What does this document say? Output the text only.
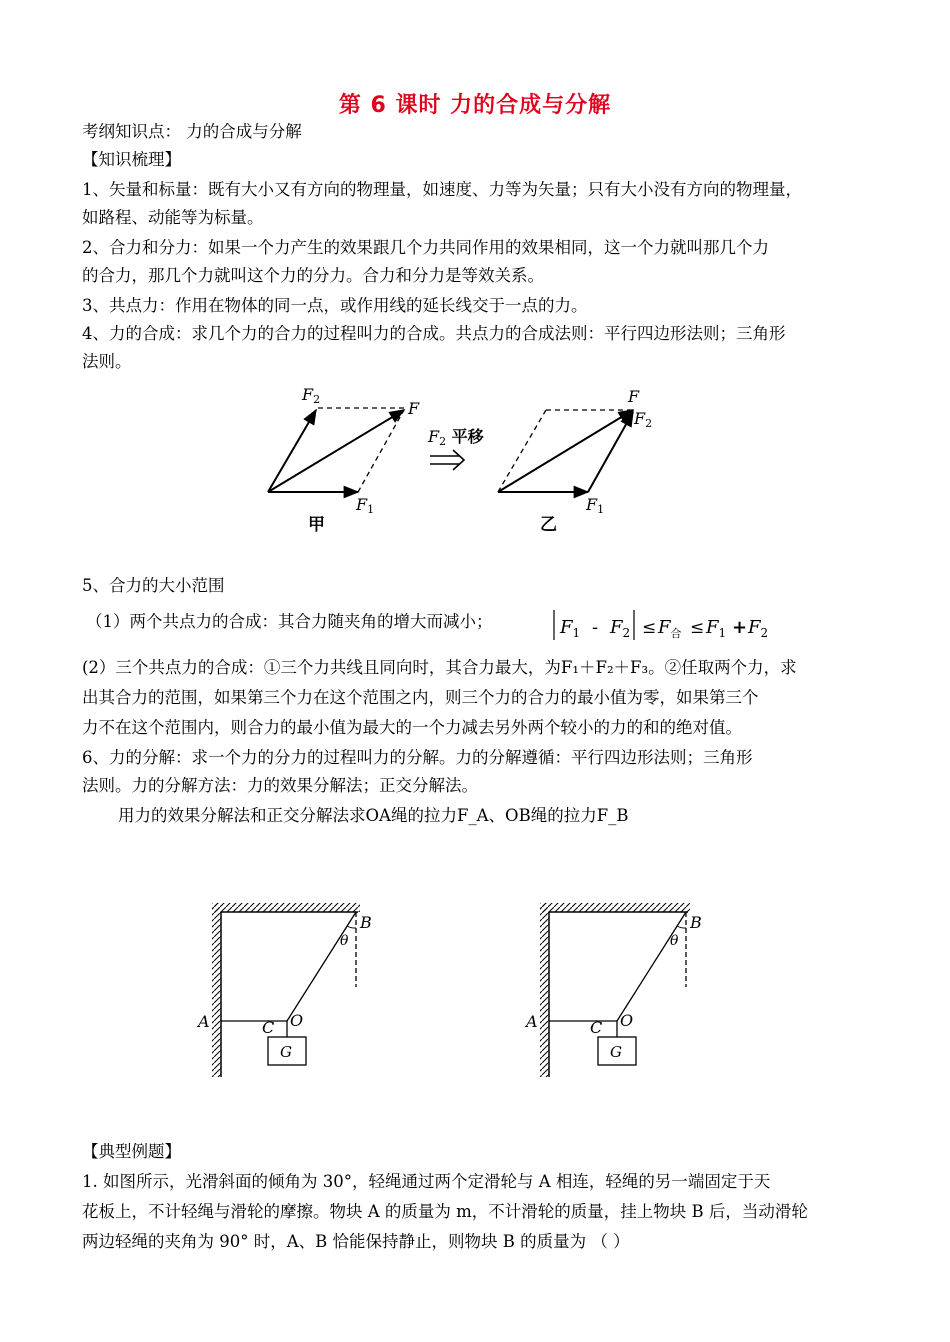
第 6 课时 力的合成与分解
考纲知识点： 力的合成与分解
【知识梳理】
1、矢量和标量：既有大小又有方向的物理量，如速度、力等为矢量；只有大小没有方向的物理量，
如路程、动能等为标量。
2、合力和分力：如果一个力产生的效果跟几个力共同作用的效果相同，这一个力就叫那几个力
的合力，那几个力就叫这个力的分力。合力和分力是等效关系。
3、共点力：作用在物体的同一点，或作用线的延长线交于一点的力。
4、力的合成：求几个力的合力的过程叫力的合成。共点力的合成法则：平行四边形法则；三角形
法则。
F2	F
F1
甲
F2 平移
F
F2
F1
乙
5、合力的大小范围
（1）两个共点力的合成：其合力随夹角的增大而减小；	$F_1 - F_2 \le F_合 \le F_1 + F_2$
(2）三个共点力的合成：①三个力共线且同向时，其合力最大，为F₁＋F₂＋F₃。②任取两个力，求
出其合力的范围，如果第三个力在这个范围之内，则三个力的合力的最小值为零，如果第三个
力不在这个范围内，则合力的最小值为最大的一个力减去另外两个较小的力的和的绝对值。
6、力的分解：求一个力的分力的过程叫力的分解。力的分解遵循：平行四边形法则；三角形
法则。力的分解方法：力的效果分解法；正交分解法。
用力的效果分解法和正交分解法求OA绳的拉力F_A、OB绳的拉力F_B
A	C O
B
θ
G
A	C O
B
θ
G
【典型例题】
1. 如图所示，光滑斜面的倾角为 30°，轻绳通过两个定滑轮与 A 相连，轻绳的另一端固定于天
花板上，不计轻绳与滑轮的摩擦。物块 A 的质量为 m，不计滑轮的质量，挂上物块 B 后，当动滑轮
两边轻绳的夹角为 90° 时，A、B 恰能保持静止，则物块 B 的质量为 （ ）
